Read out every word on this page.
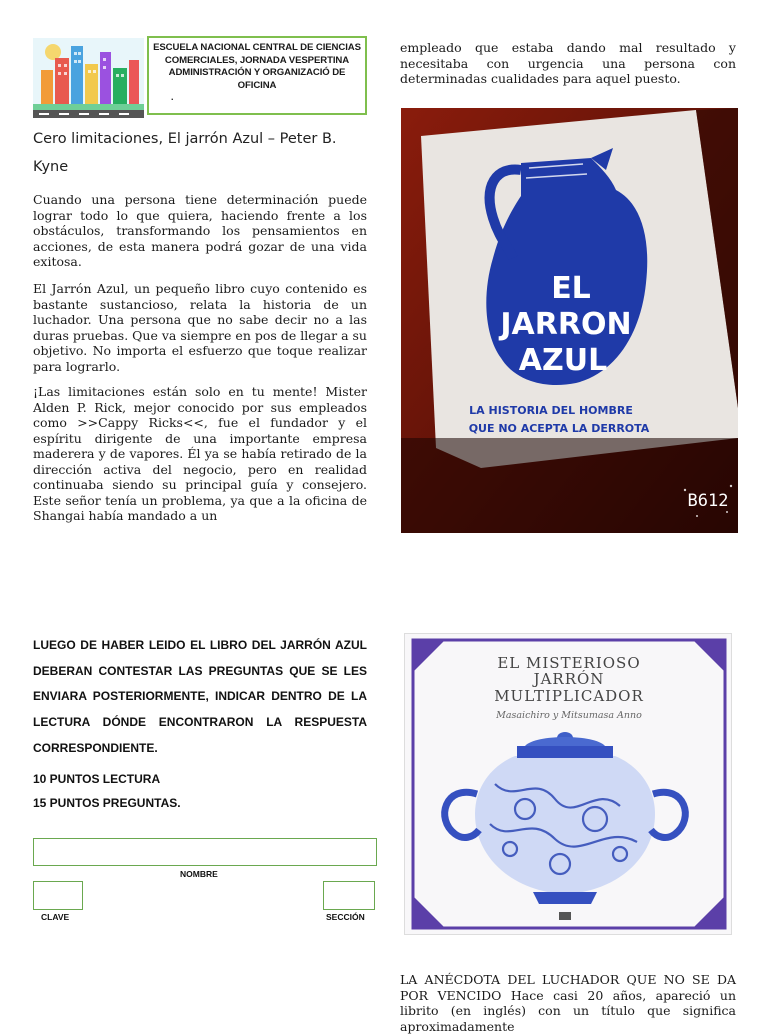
ESCUELA NACIONAL CENTRAL DE CIENCIAS
COMERCIALES, JORNADA VESPERTINA
ADMINISTRACIÓN Y ORGANIZACIÓ DE
OFICINA
.
Cero limitaciones, El jarrón Azul – Peter B.
Kyne

Cuando una persona tiene determinación puede lograr todo lo que quiera, haciendo frente a los obstáculos, transformando los pensamientos en acciones, de esta manera podrá gozar de una vida exitosa.

El Jarrón Azul, un pequeño libro cuyo contenido es bastante sustancioso, relata la historia de un luchador. Una persona que no sabe decir no a las duras pruebas. Que va siempre en pos de llegar a su objetivo. No importa el esfuerzo que toque realizar para lograrlo.

¡Las limitaciones están solo en tu mente! Mister Alden P. Rick, mejor conocido por sus empleados como >>Cappy Ricks<<, fue el fundador y el espíritu dirigente de una importante empresa maderera y de vapores. Él ya se había retirado de la dirección activa del negocio, pero en realidad continuaba siendo su principal guía y consejero. Este señor tenía un problema, ya que a la oficina de Shangai había mandado a un

empleado que estaba dando mal resultado y necesitaba con urgencia una persona con determinadas cualidades para aquel puesto.

EL
JARRON
AZUL
LA HISTORIA DEL HOMBRE
QUE NO ACEPTA LA DERROTA
B612

LUEGO DE HABER LEIDO EL LIBRO DEL JARRÓN AZUL DEBERAN CONTESTAR LAS PREGUNTAS QUE SE LES ENVIARA POSTERIORMENTE, INDICAR DENTRO DE LA LECTURA DÓNDE ENCONTRARON LA RESPUESTA CORRESPONDIENTE.

10 PUNTOS LECTURA
15 PUNTOS PREGUNTAS.
NOMBRE
CLAVE	SECCIÓN
EL MISTERIOSO
JARRÓN
MULTIPLICADOR
Masaichiro y Mitsumasa Anno

LA ANÉCDOTA DEL LUCHADOR QUE NO SE DA POR VENCIDO Hace casi 20 años, apareció un librito (en inglés) con un título que significa aproximadamente
